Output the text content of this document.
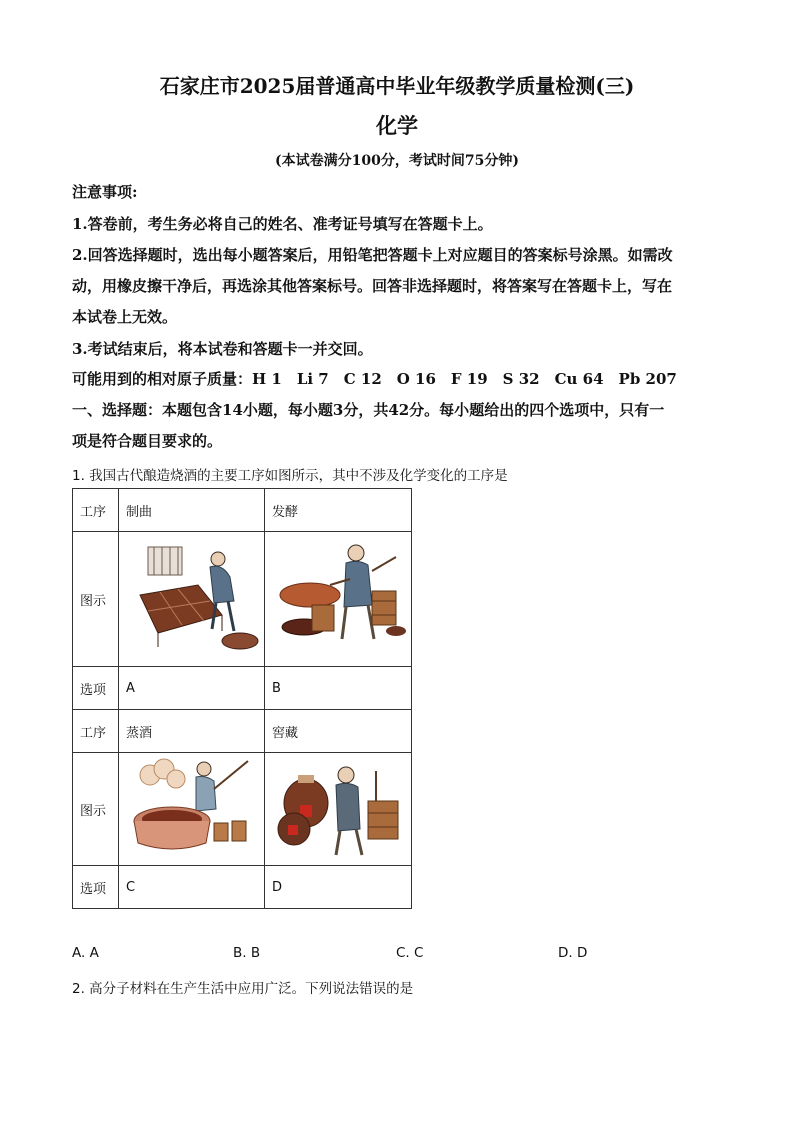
石家庄市2025届普通高中毕业年级教学质量检测(三)
化学
(本试卷满分100分，考试时间75分钟)
注意事项:
1.答卷前，考生务必将自己的姓名、准考证号填写在答题卡上。
2.回答选择题时，选出每小题答案后，用铅笔把答题卡上对应题目的答案标号涂黑。如需改
动，用橡皮擦干净后，再选涂其他答案标号。回答非选择题时，将答案写在答题卡上，写在
本试卷上无效。
3.考试结束后，将本试卷和答题卡一并交回。
可能用到的相对原子质量：H 1　Li 7　C 12　O 16　F 19　S 32　Cu 64　Pb 207
一、选择题：本题包含14小题，每小题3分，共42分。每小题给出的四个选项中，只有一
项是符合题目要求的。
1. 我国古代酿造烧酒的主要工序如图所示，其中不涉及化学变化的工序是
工序	制曲	发酵
图示		
选项	A	B
工序	蒸酒	窖藏
图示		
选项	C	D
A. A	B. B	C. C	D. D
2. 高分子材料在生产生活中应用广泛。下列说法错误的是
